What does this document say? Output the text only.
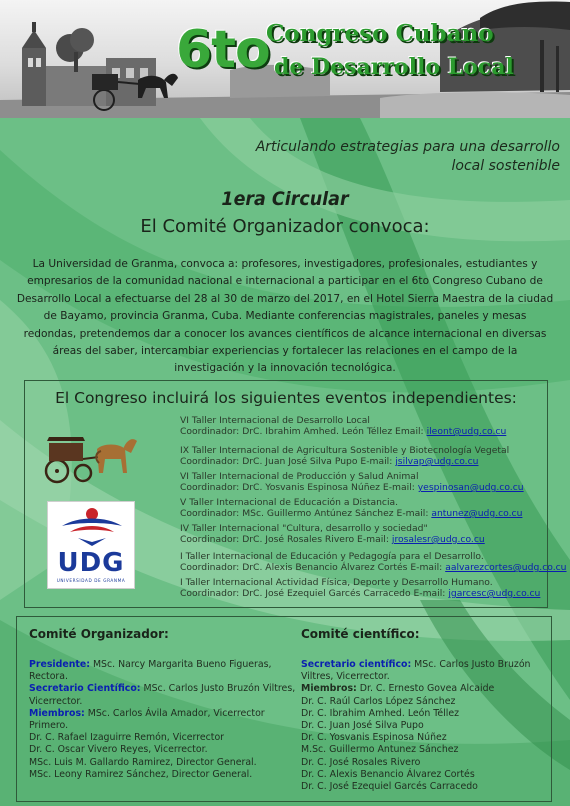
6to
Congreso Cubano
de Desarrollo Local
Articulando estrategias para una desarrollo
local sostenible
1era Circular
El Comité Organizador convoca:
La Universidad de Granma, convoca a: profesores, investigadores, profesionales, estudiantes y empresarios de la comunidad nacional e internacional a participar en el 6to Congreso Cubano de Desarrollo Local a efectuarse del 28 al 30 de marzo del 2017, en el Hotel Sierra Maestra de la ciudad de Bayamo, provincia Granma, Cuba. Mediante conferencias magistrales, paneles y mesas redondas, pretendemos dar a conocer los avances científicos de alcance internacional en diversas áreas del saber, intercambiar experiencias y fortalecer las relaciones en el campo de la investigación y la innovación tecnológica.
El Congreso incluirá los siguientes eventos independientes:
UDG
UNIVERSIDAD DE GRANMA
VI Taller Internacional de Desarrollo Local
Coordinador: DrC. Ibrahim Amhed. León Téllez Email: ileont@udg.co.cu
IX Taller Internacional de Agricultura Sostenible y Biotecnología Vegetal
Coordinador: DrC. Juan José Silva Pupo E-mail: jsilvap@udg.co.cu
VI Taller Internacional de Producción y Salud Animal
Coordinador: DrC. Yosvanis Espinosa Núñez E-mail: yespinosan@udg.co.cu
V Taller Internacional de Educación a Distancia.
Coordinador: MSc. Guillermo Antúnez Sánchez E-mail: antunez@udg.co.cu
IV Taller Internacional "Cultura, desarrollo y sociedad"
Coordinador: DrC. José Rosales Rivero E-mail: jrosalesr@udg.co.cu
I Taller Internacional de Educación y Pedagogía para el Desarrollo.
Coordinador: DrC. Alexis Benancio Álvarez Cortés E-mail: aalvarezcortes@udg.co.cu
I Taller Internacional Actividad Física, Deporte y Desarrollo Humano.
Coordinador: DrC. José Ezequiel Garcés Carracedo E-mail: jgarcesc@udg.co.cu
Comité Organizador:
Presidente: MSc. Narcy Margarita Bueno Figueras, Rectora.
Secretario Científico: MSc. Carlos Justo Bruzón Viltres, Vicerrector.
Miembros: MSc. Carlos Ávila Amador, Vicerrector Primero.
Dr. C. Rafael Izaguirre Remón, Vicerrector
Dr. C. Oscar Vivero Reyes, Vicerrector.
MSc. Luis M. Gallardo Ramirez, Director General.
MSc. Leony Ramirez Sánchez, Director General.
Comité científico:
Secretario científico: MSc. Carlos Justo Bruzón Viltres, Vicerrector.
Miembros: Dr. C. Ernesto Govea Alcaide
Dr. C. Raúl Carlos López Sánchez
Dr. C. Ibrahim Amhed. León Téllez
Dr. C. Juan José Silva Pupo
Dr. C. Yosvanis Espinosa Núñez
M.Sc. Guillermo Antunez Sánchez
Dr. C. José Rosales Rivero
Dr. C. Alexis Benancio Álvarez Cortés
Dr. C. José Ezequiel Garcés Carracedo
